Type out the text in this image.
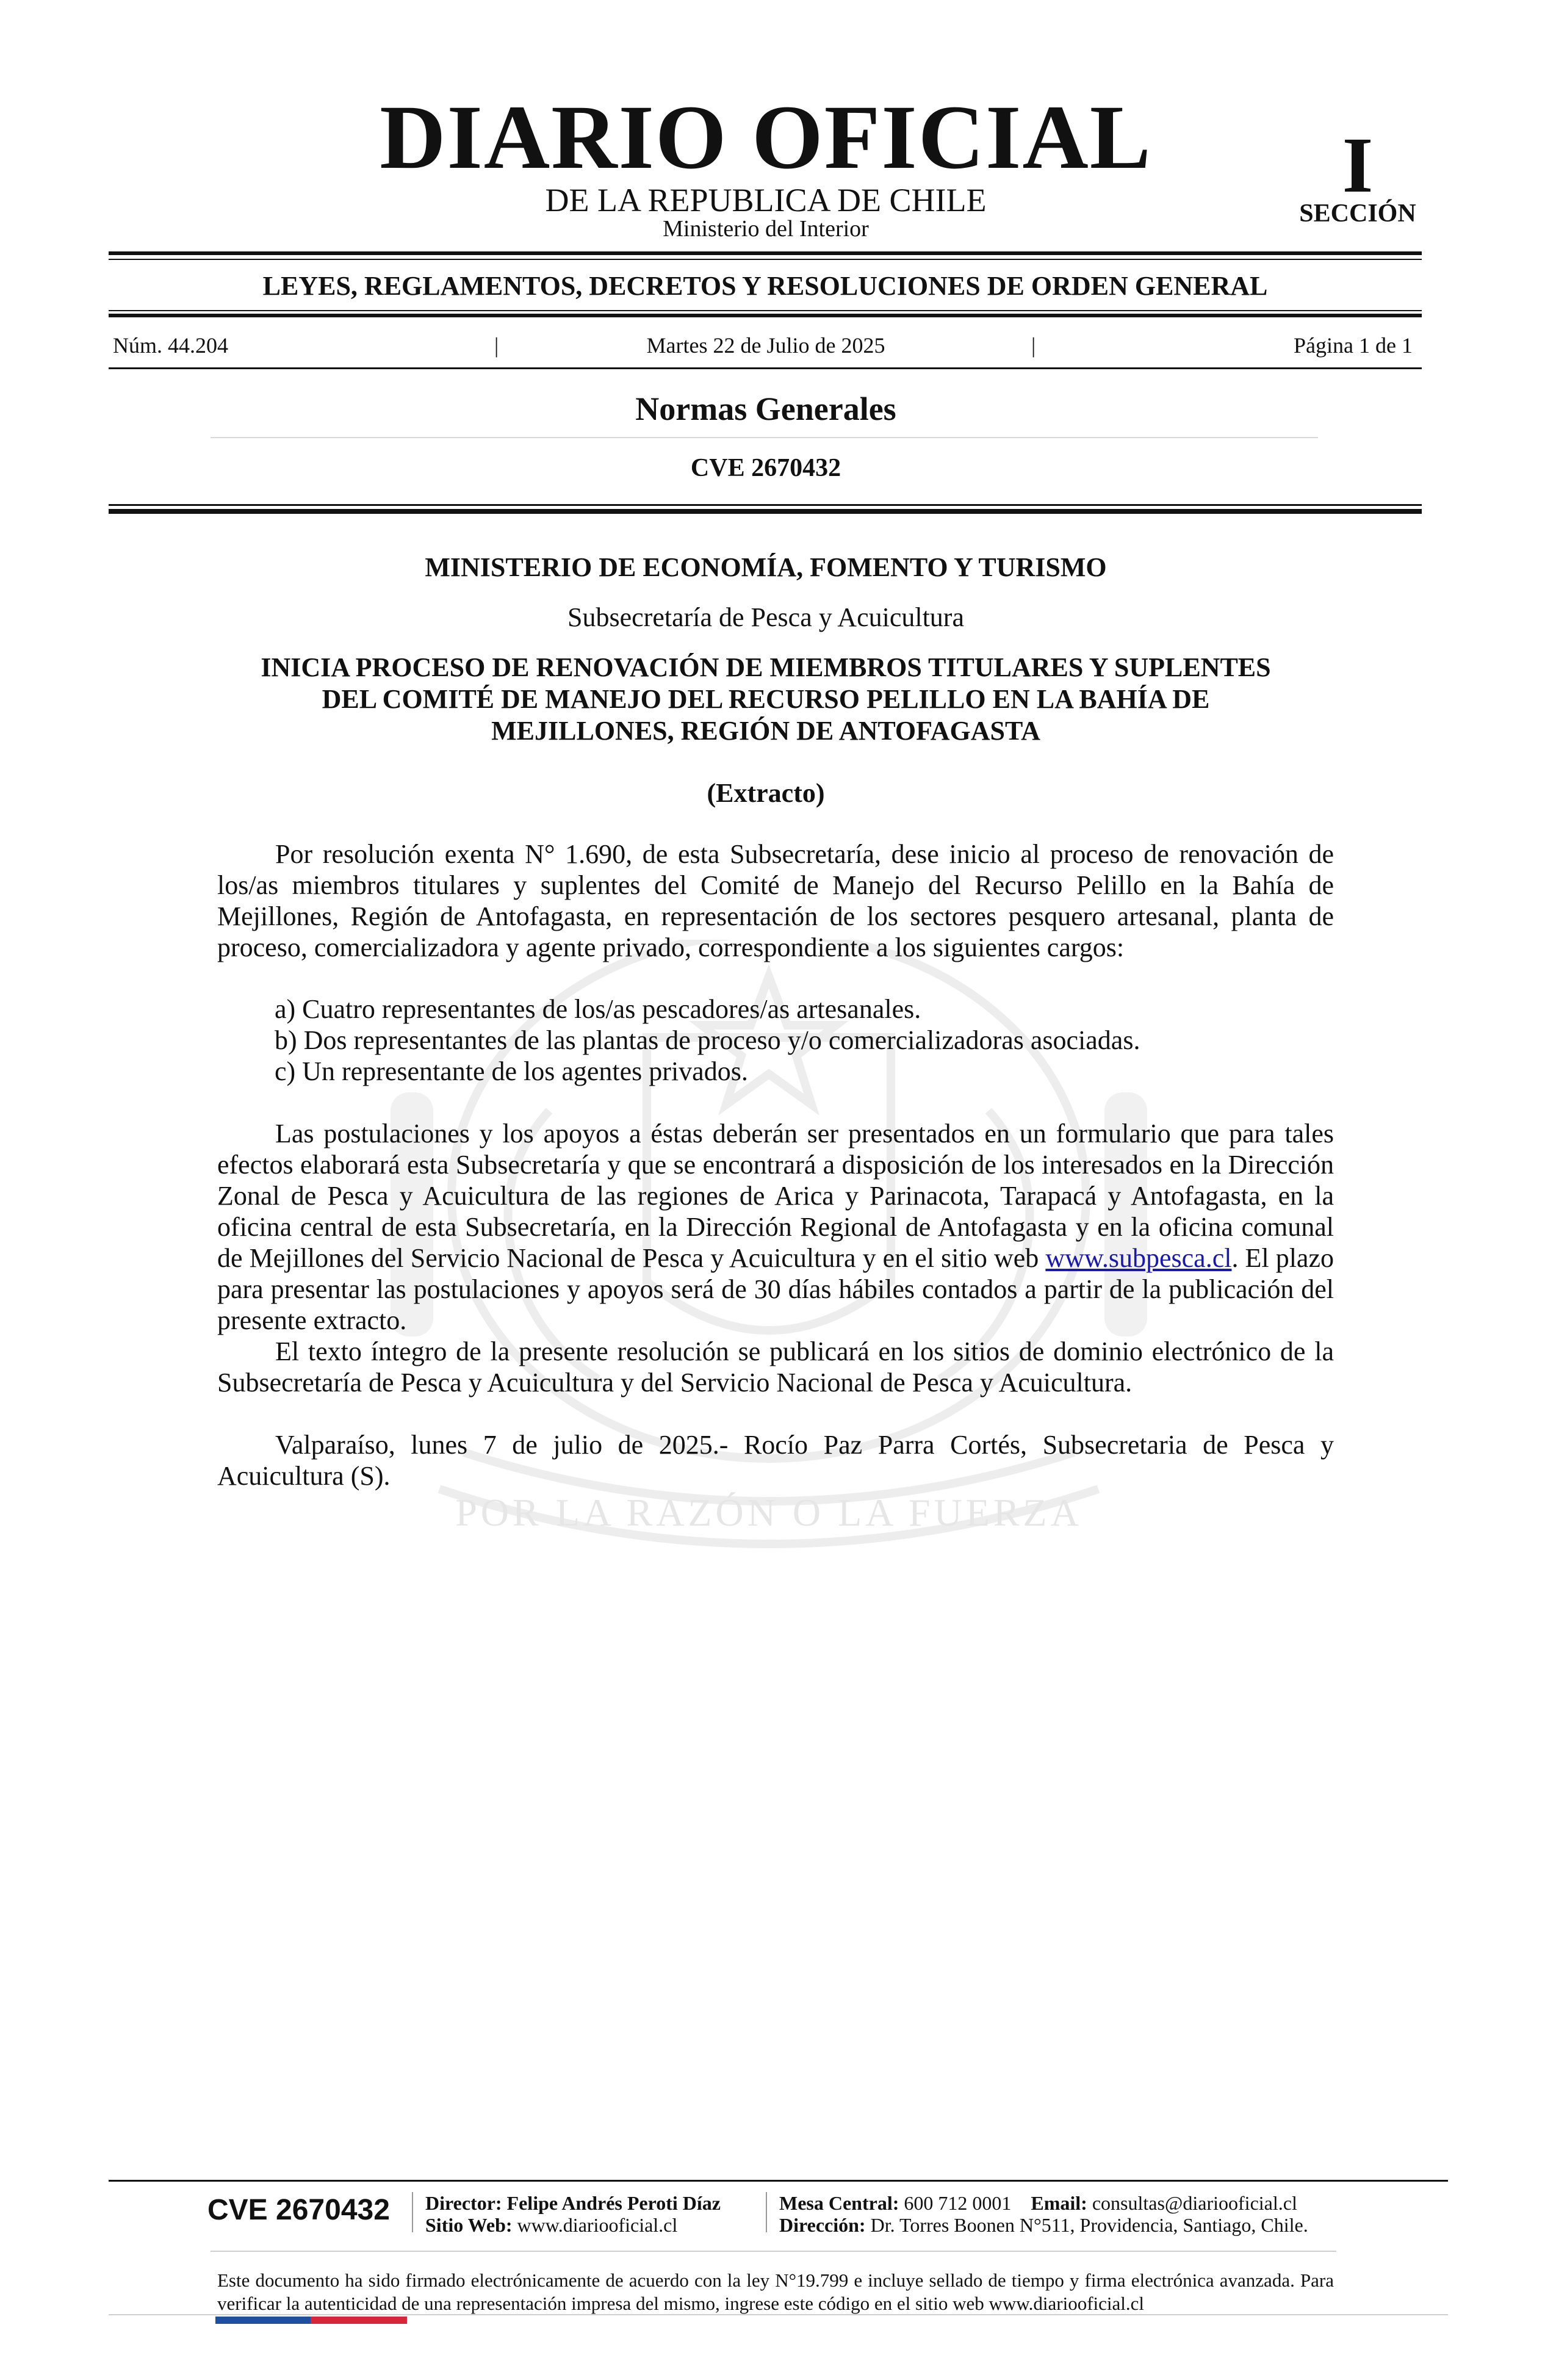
POR LA RAZÓN O LA FUERZA
DIARIO OFICIAL
DE LA REPUBLICA DE CHILE
Ministerio del Interior
I
SECCIÓN
LEYES, REGLAMENTOS, DECRETOS Y RESOLUCIONES DE ORDEN GENERAL
Núm. 44.204	|	Martes 22 de Julio de 2025	|	Página 1 de 1
Normas Generales
CVE 2670432
MINISTERIO DE ECONOMÍA, FOMENTO Y TURISMO
Subsecretaría de Pesca y Acuicultura
INICIA PROCESO DE RENOVACIÓN DE MIEMBROS TITULARES Y SUPLENTES
DEL COMITÉ DE MANEJO DEL RECURSO PELILLO EN LA BAHÍA DE
MEJILLONES, REGIÓN DE ANTOFAGASTA
(Extracto)
Por resolución exenta N° 1.690, de esta Subsecretaría, dese inicio al proceso de renovación de los/as miembros titulares y suplentes del Comité de Manejo del Recurso Pelillo en la Bahía de Mejillones, Región de Antofagasta, en representación de los sectores pesquero artesanal, planta de proceso, comercializadora y agente privado, correspondiente a los siguientes cargos:
a) Cuatro representantes de los/as pescadores/as artesanales.
b) Dos representantes de las plantas de proceso y/o comercializadoras asociadas.
c) Un representante de los agentes privados.
Las postulaciones y los apoyos a éstas deberán ser presentados en un formulario que para tales efectos elaborará esta Subsecretaría y que se encontrará a disposición de los interesados en la Dirección Zonal de Pesca y Acuicultura de las regiones de Arica y Parinacota, Tarapacá y Antofagasta, en la oficina central de esta Subsecretaría, en la Dirección Regional de Antofagasta y en la oficina comunal de Mejillones del Servicio Nacional de Pesca y Acuicultura y en el sitio web www.subpesca.cl. El plazo para presentar las postulaciones y apoyos será de 30 días hábiles contados a partir de la publicación del presente extracto.
El texto íntegro de la presente resolución se publicará en los sitios de dominio electrónico de la Subsecretaría de Pesca y Acuicultura y del Servicio Nacional de Pesca y Acuicultura.
Valparaíso, lunes 7 de julio de 2025.- Rocío Paz Parra Cortés, Subsecretaria de Pesca y Acuicultura (S).
CVE 2670432 Director: Felipe Andrés Peroti Díaz
Sitio Web: www.diariooficial.cl
Mesa Central: 600 712 0001 Email: consultas@diariooficial.cl
Dirección: Dr. Torres Boonen N°511, Providencia, Santiago, Chile.
Este documento ha sido firmado electrónicamente de acuerdo con la ley N°19.799 e incluye sellado de tiempo y firma electrónica avanzada. Para verificar la autenticidad de una representación impresa del mismo, ingrese este código en el sitio web www.diariooficial.cl
